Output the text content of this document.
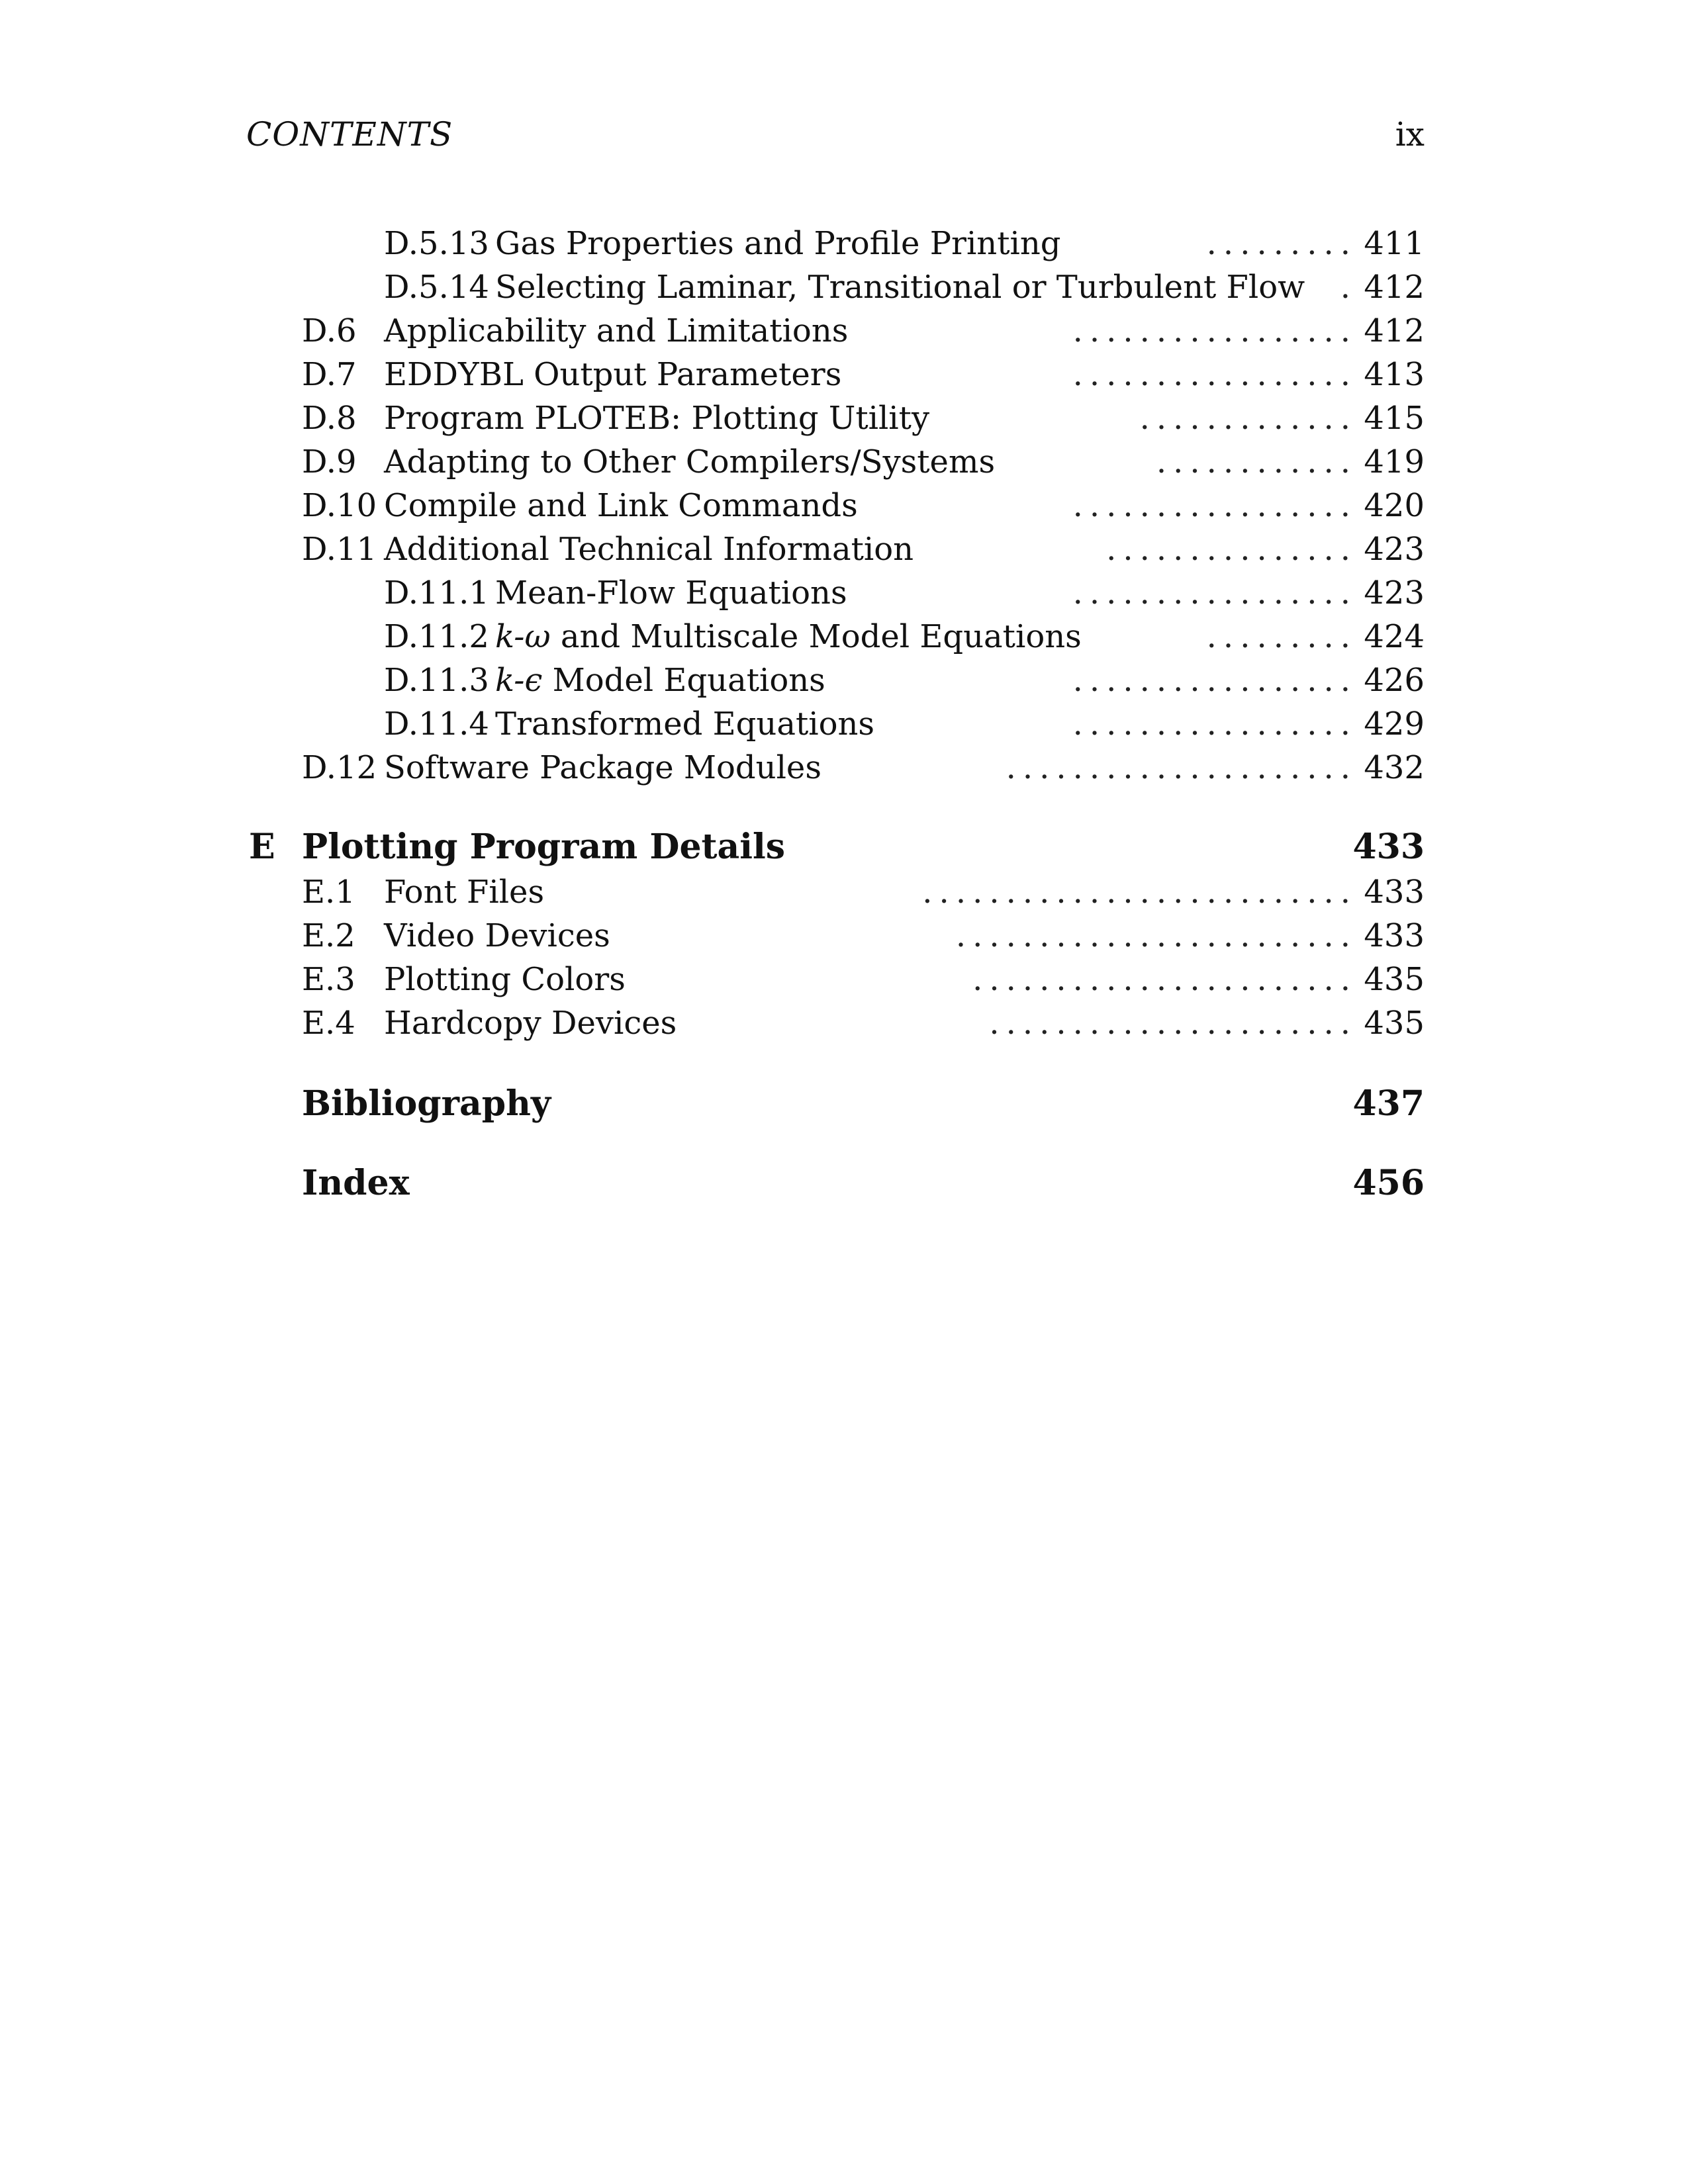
CONTENTS	ix
D.5.13 Gas Properties and Profile Printing	......... 411
D.5.14 Selecting Laminar, Transitional or Turbulent Flow	. 412
D.6 Applicability and Limitations	................. 412
D.7 EDDYBL Output Parameters	................. 413
D.8 Program PLOTEB: Plotting Utility	............. 415
D.9 Adapting to Other Compilers/Systems	............ 419
D.10 Compile and Link Commands	................. 420
D.11 Additional Technical Information	............... 423
D.11.1 Mean-Flow Equations	................. 423
D.11.2 k-ω and Multiscale Model Equations	......... 424
D.11.3 k-ϵ Model Equations	................. 426
D.11.4 Transformed Equations	................. 429
D.12 Software Package Modules	..................... 432
E Plotting Program Details	433
E.1 Font Files	.......................... 433
E.2 Video Devices	........................ 433
E.3 Plotting Colors	....................... 435
E.4 Hardcopy Devices	...................... 435
Bibliography	437
Index	456
